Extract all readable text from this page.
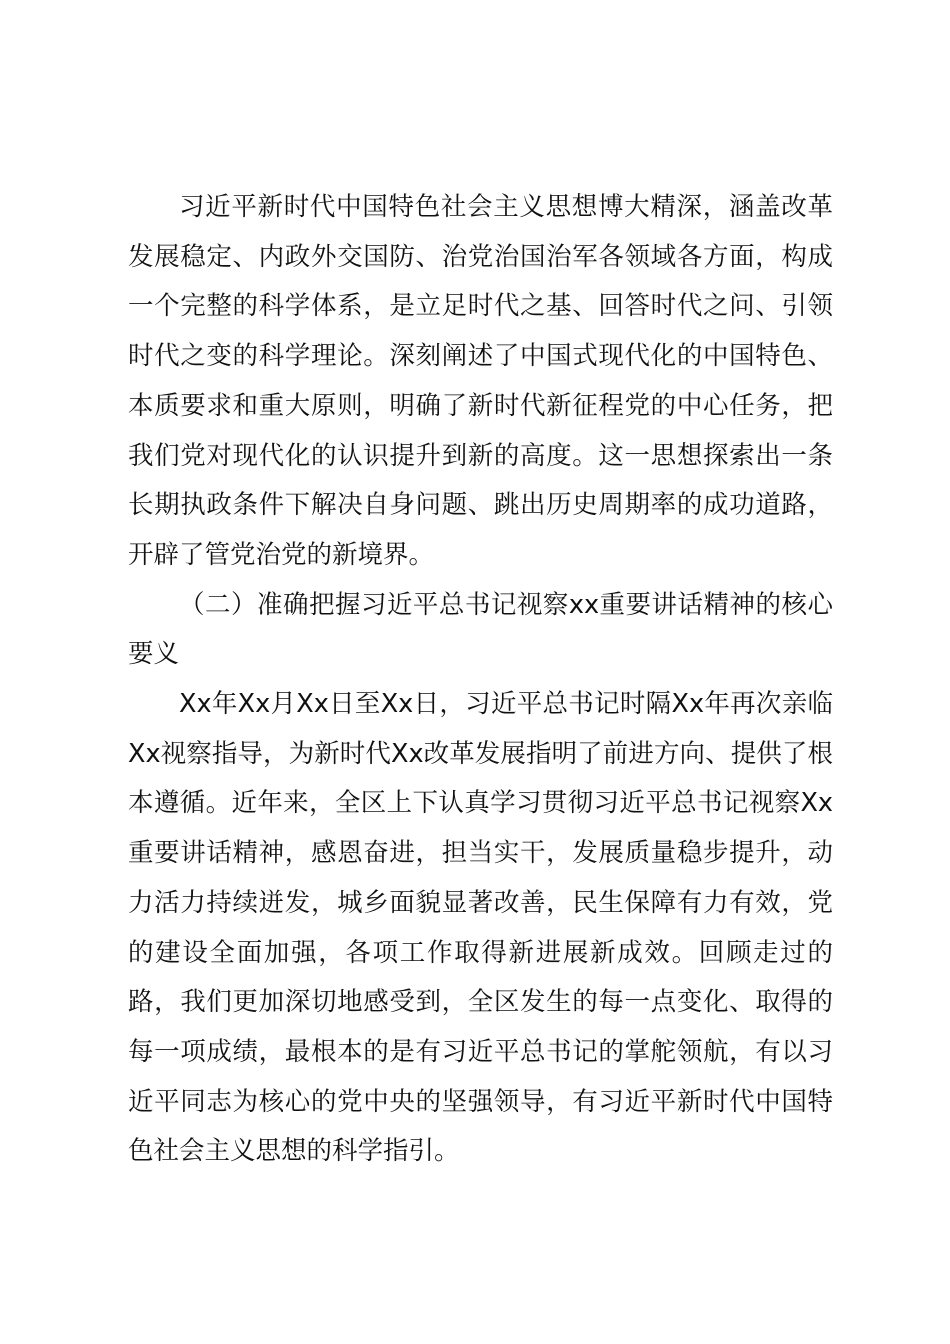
习近平新时代中国特色社会主义思想博大精深，涵盖改革发展稳定、内政外交国防、治党治国治军各领域各方面，构成一个完整的科学体系，是立足时代之基、回答时代之问、引领时代之变的科学理论。深刻阐述了中国式现代化的中国特色、本质要求和重大原则，明确了新时代新征程党的中心任务，把我们党对现代化的认识提升到新的高度。这一思想探索出一条长期执政条件下解决自身问题、跳出历史周期率的成功道路，开辟了管党治党的新境界。

（二）准确把握习近平总书记视察xx重要讲话精神的核心要义

Xx年Xx月Xx日至Xx日，习近平总书记时隔Xx年再次亲临Xx视察指导，为新时代Xx改革发展指明了前进方向、提供了根本遵循。近年来，全区上下认真学习贯彻习近平总书记视察Xx重要讲话精神，感恩奋进，担当实干，发展质量稳步提升，动力活力持续迸发，城乡面貌显著改善，民生保障有力有效，党的建设全面加强，各项工作取得新进展新成效。回顾走过的路，我们更加深切地感受到，全区发生的每一点变化、取得的每一项成绩，最根本的是有习近平总书记的掌舵领航，有以习近平同志为核心的党中央的坚强领导，有习近平新时代中国特色社会主义思想的科学指引。
